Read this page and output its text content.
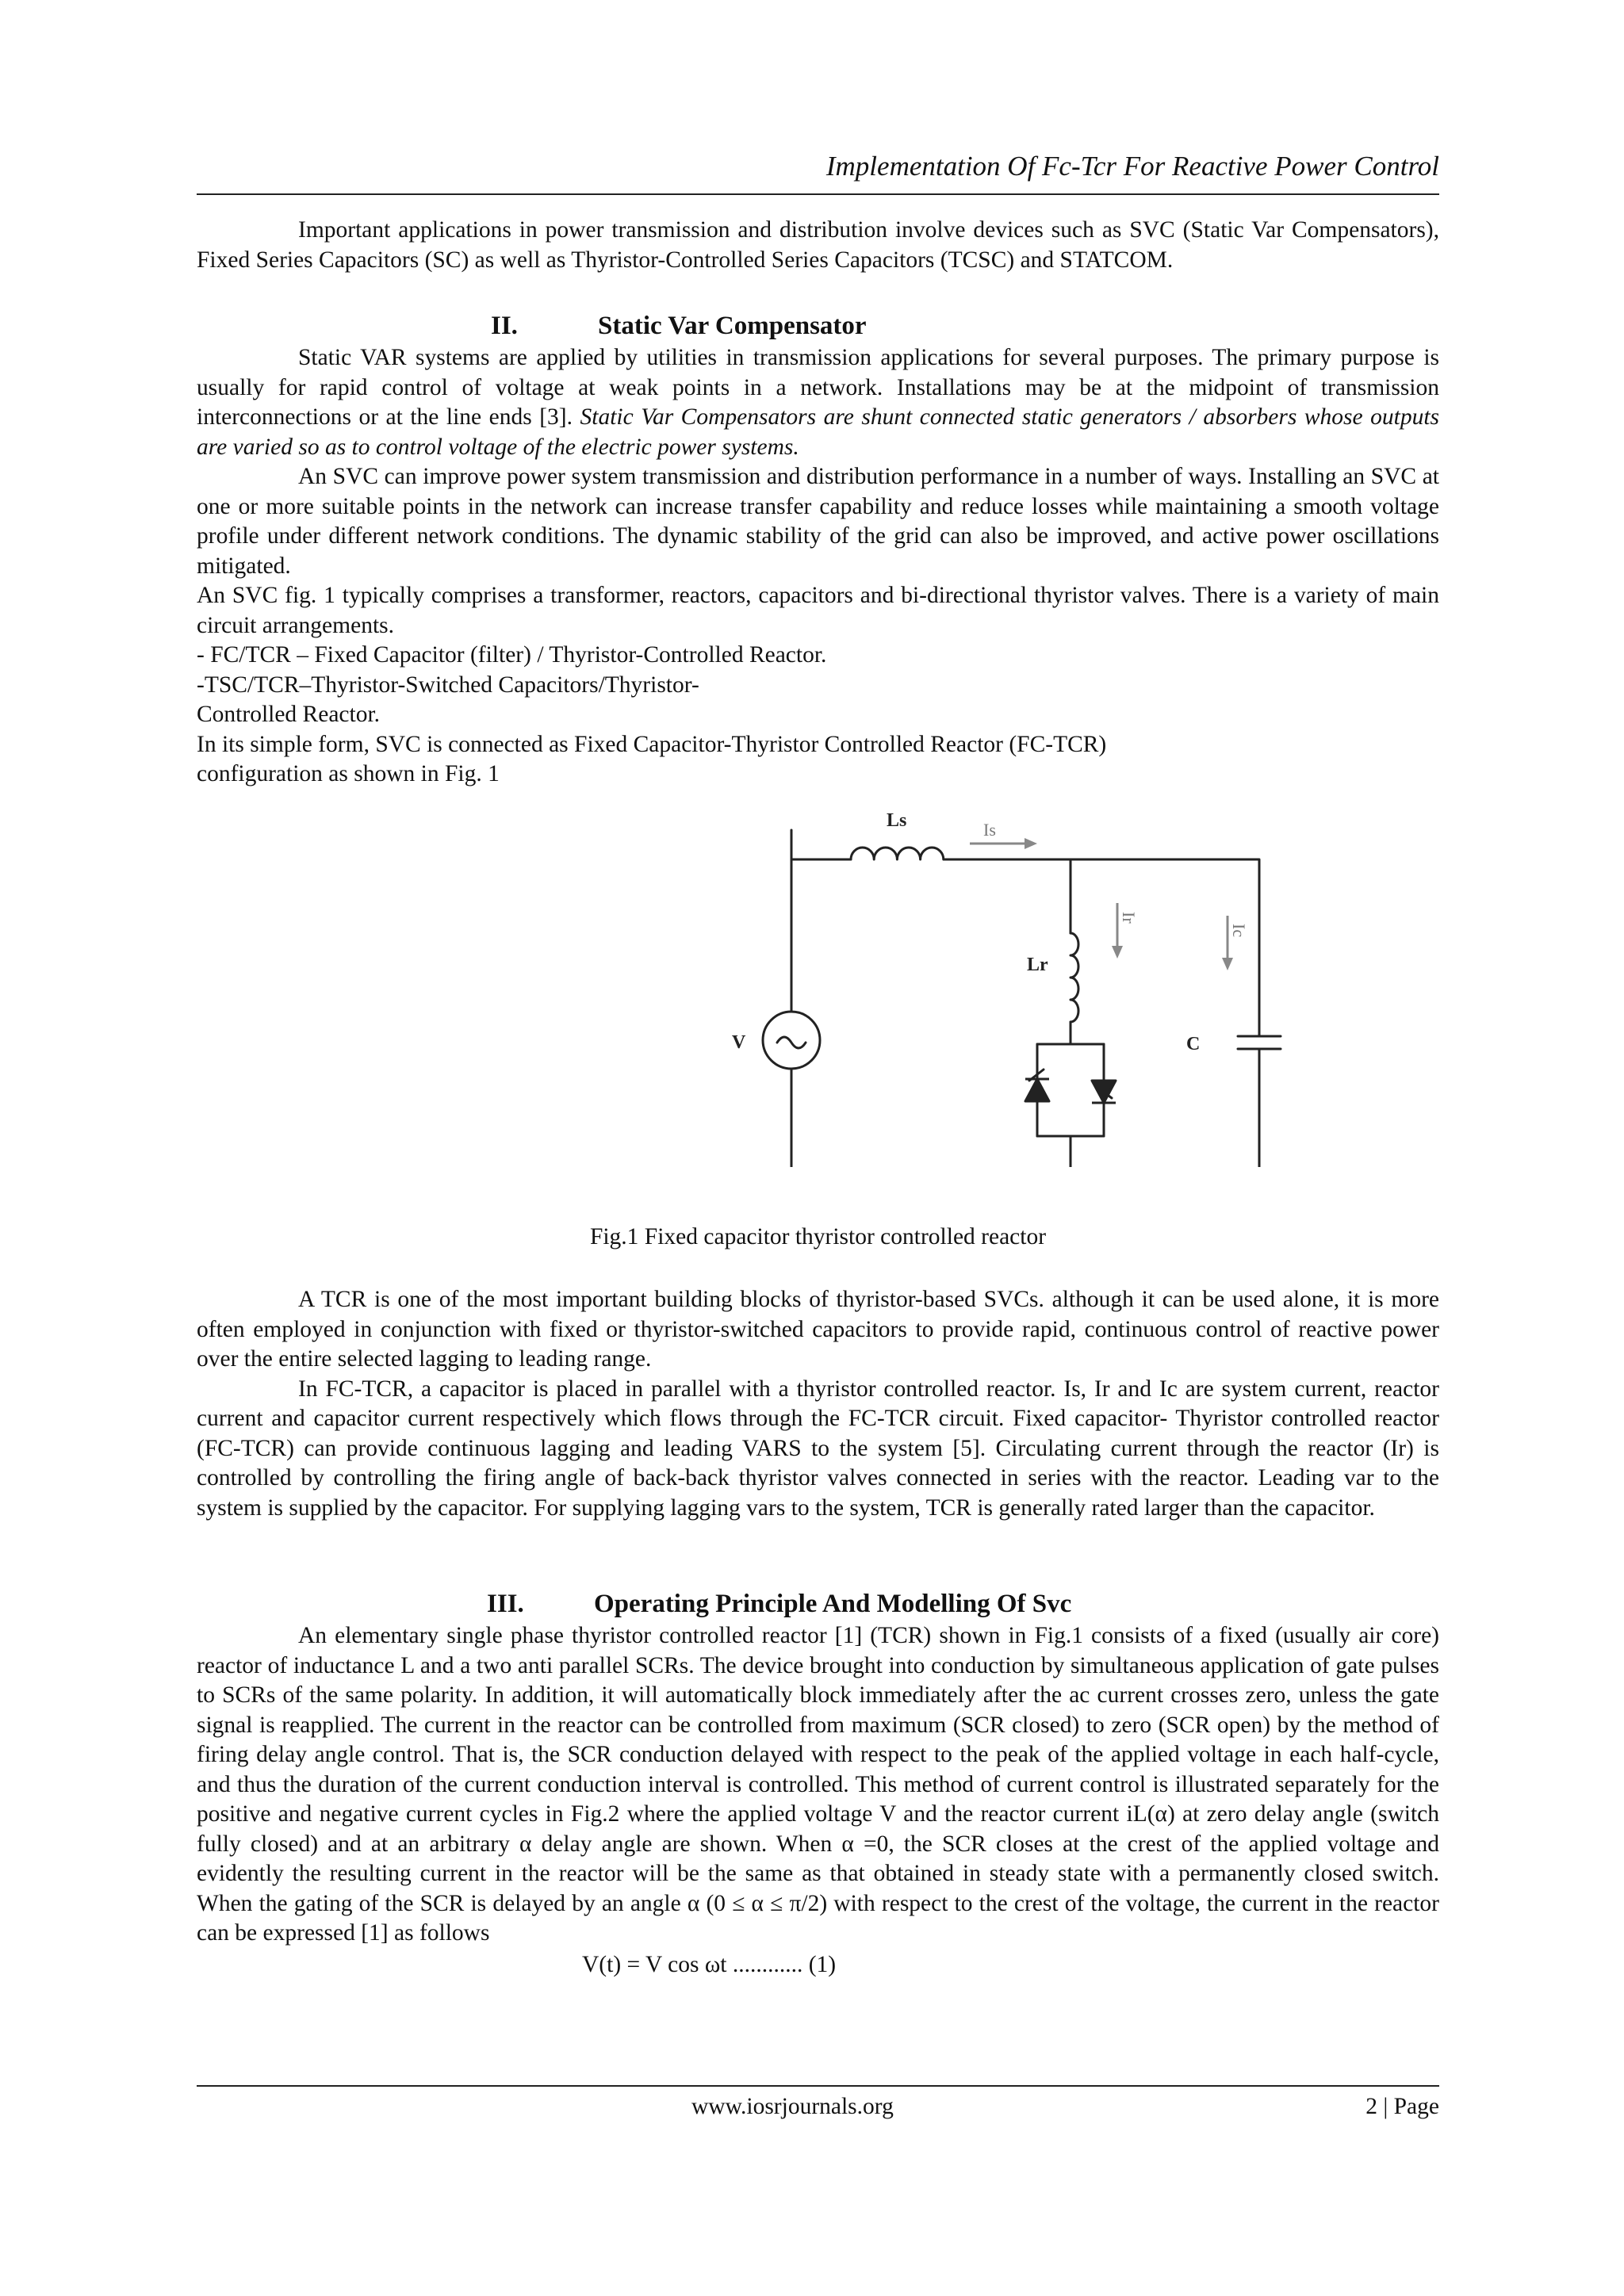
Implementation Of Fc-Tcr For Reactive Power Control

Important applications in power transmission and distribution involve devices such as SVC (Static Var Compensators), Fixed Series Capacitors (SC) as well as Thyristor-Controlled Series Capacitors (TCSC) and STATCOM.

II.	Static Var Compensator

Static VAR systems are applied by utilities in transmission applications for several purposes. The primary purpose is usually for rapid control of voltage at weak points in a network. Installations may be at the midpoint of transmission interconnections or at the line ends [3]. Static Var Compensators are shunt connected static generators / absorbers whose outputs are varied so as to control voltage of the electric power systems.

An SVC can improve power system transmission and distribution performance in a number of ways. Installing an SVC at one or more suitable points in the network can increase transfer capability and reduce losses while maintaining a smooth voltage profile under different network conditions. The dynamic stability of the grid can also be improved, and active power oscillations mitigated.

An SVC fig. 1 typically comprises a transformer, reactors, capacitors and bi-directional thyristor valves. There is a variety of main circuit arrangements.

- FC/TCR – Fixed Capacitor (filter) / Thyristor-Controlled Reactor.

-TSC/TCR–Thyristor-Switched Capacitors/Thyristor-

Controlled Reactor.

In its simple form, SVC is connected as Fixed Capacitor-Thyristor Controlled Reactor (FC-TCR)

configuration as shown in Fig. 1

Ls	Is
Lr
Ir
Ic
V	C

Fig.1 Fixed capacitor thyristor controlled reactor

A TCR is one of the most important building blocks of thyristor-based SVCs. although it can be used alone, it is more often employed in conjunction with fixed or thyristor-switched capacitors to provide rapid, continuous control of reactive power over the entire selected lagging to leading range.

In FC-TCR, a capacitor is placed in parallel with a thyristor controlled reactor. Is, Ir and Ic are system current, reactor current and capacitor current respectively which flows through the FC-TCR circuit. Fixed capacitor- Thyristor controlled reactor (FC-TCR) can provide continuous lagging and leading VARS to the system [5]. Circulating current through the reactor (Ir) is controlled by controlling the firing angle of back-back thyristor valves connected in series with the reactor. Leading var to the system is supplied by the capacitor. For supplying lagging vars to the system, TCR is generally rated larger than the capacitor.

III.	Operating Principle And Modelling Of Svc

An elementary single phase thyristor controlled reactor [1] (TCR) shown in Fig.1 consists of a fixed (usually air core) reactor of inductance L and a two anti parallel SCRs. The device brought into conduction by simultaneous application of gate pulses to SCRs of the same polarity. In addition, it will automatically block immediately after the ac current crosses zero, unless the gate signal is reapplied. The current in the reactor can be controlled from maximum (SCR closed) to zero (SCR open) by the method of firing delay angle control. That is, the SCR conduction delayed with respect to the peak of the applied voltage in each half-cycle, and thus the duration of the current conduction interval is controlled. This method of current control is illustrated separately for the positive and negative current cycles in Fig.2 where the applied voltage V and the reactor current iL(α) at zero delay angle (switch fully closed) and at an arbitrary α delay angle are shown. When α =0, the SCR closes at the crest of the applied voltage and evidently the resulting current in the reactor will be the same as that obtained in steady state with a permanently closed switch. When the gating of the SCR is delayed by an angle α (0 ≤ α ≤ π/2) with respect to the crest of the voltage, the current in the reactor can be expressed [1] as follows

V(t) = V cos ωt ............ (1)

www.iosrjournals.org	2 | Page
